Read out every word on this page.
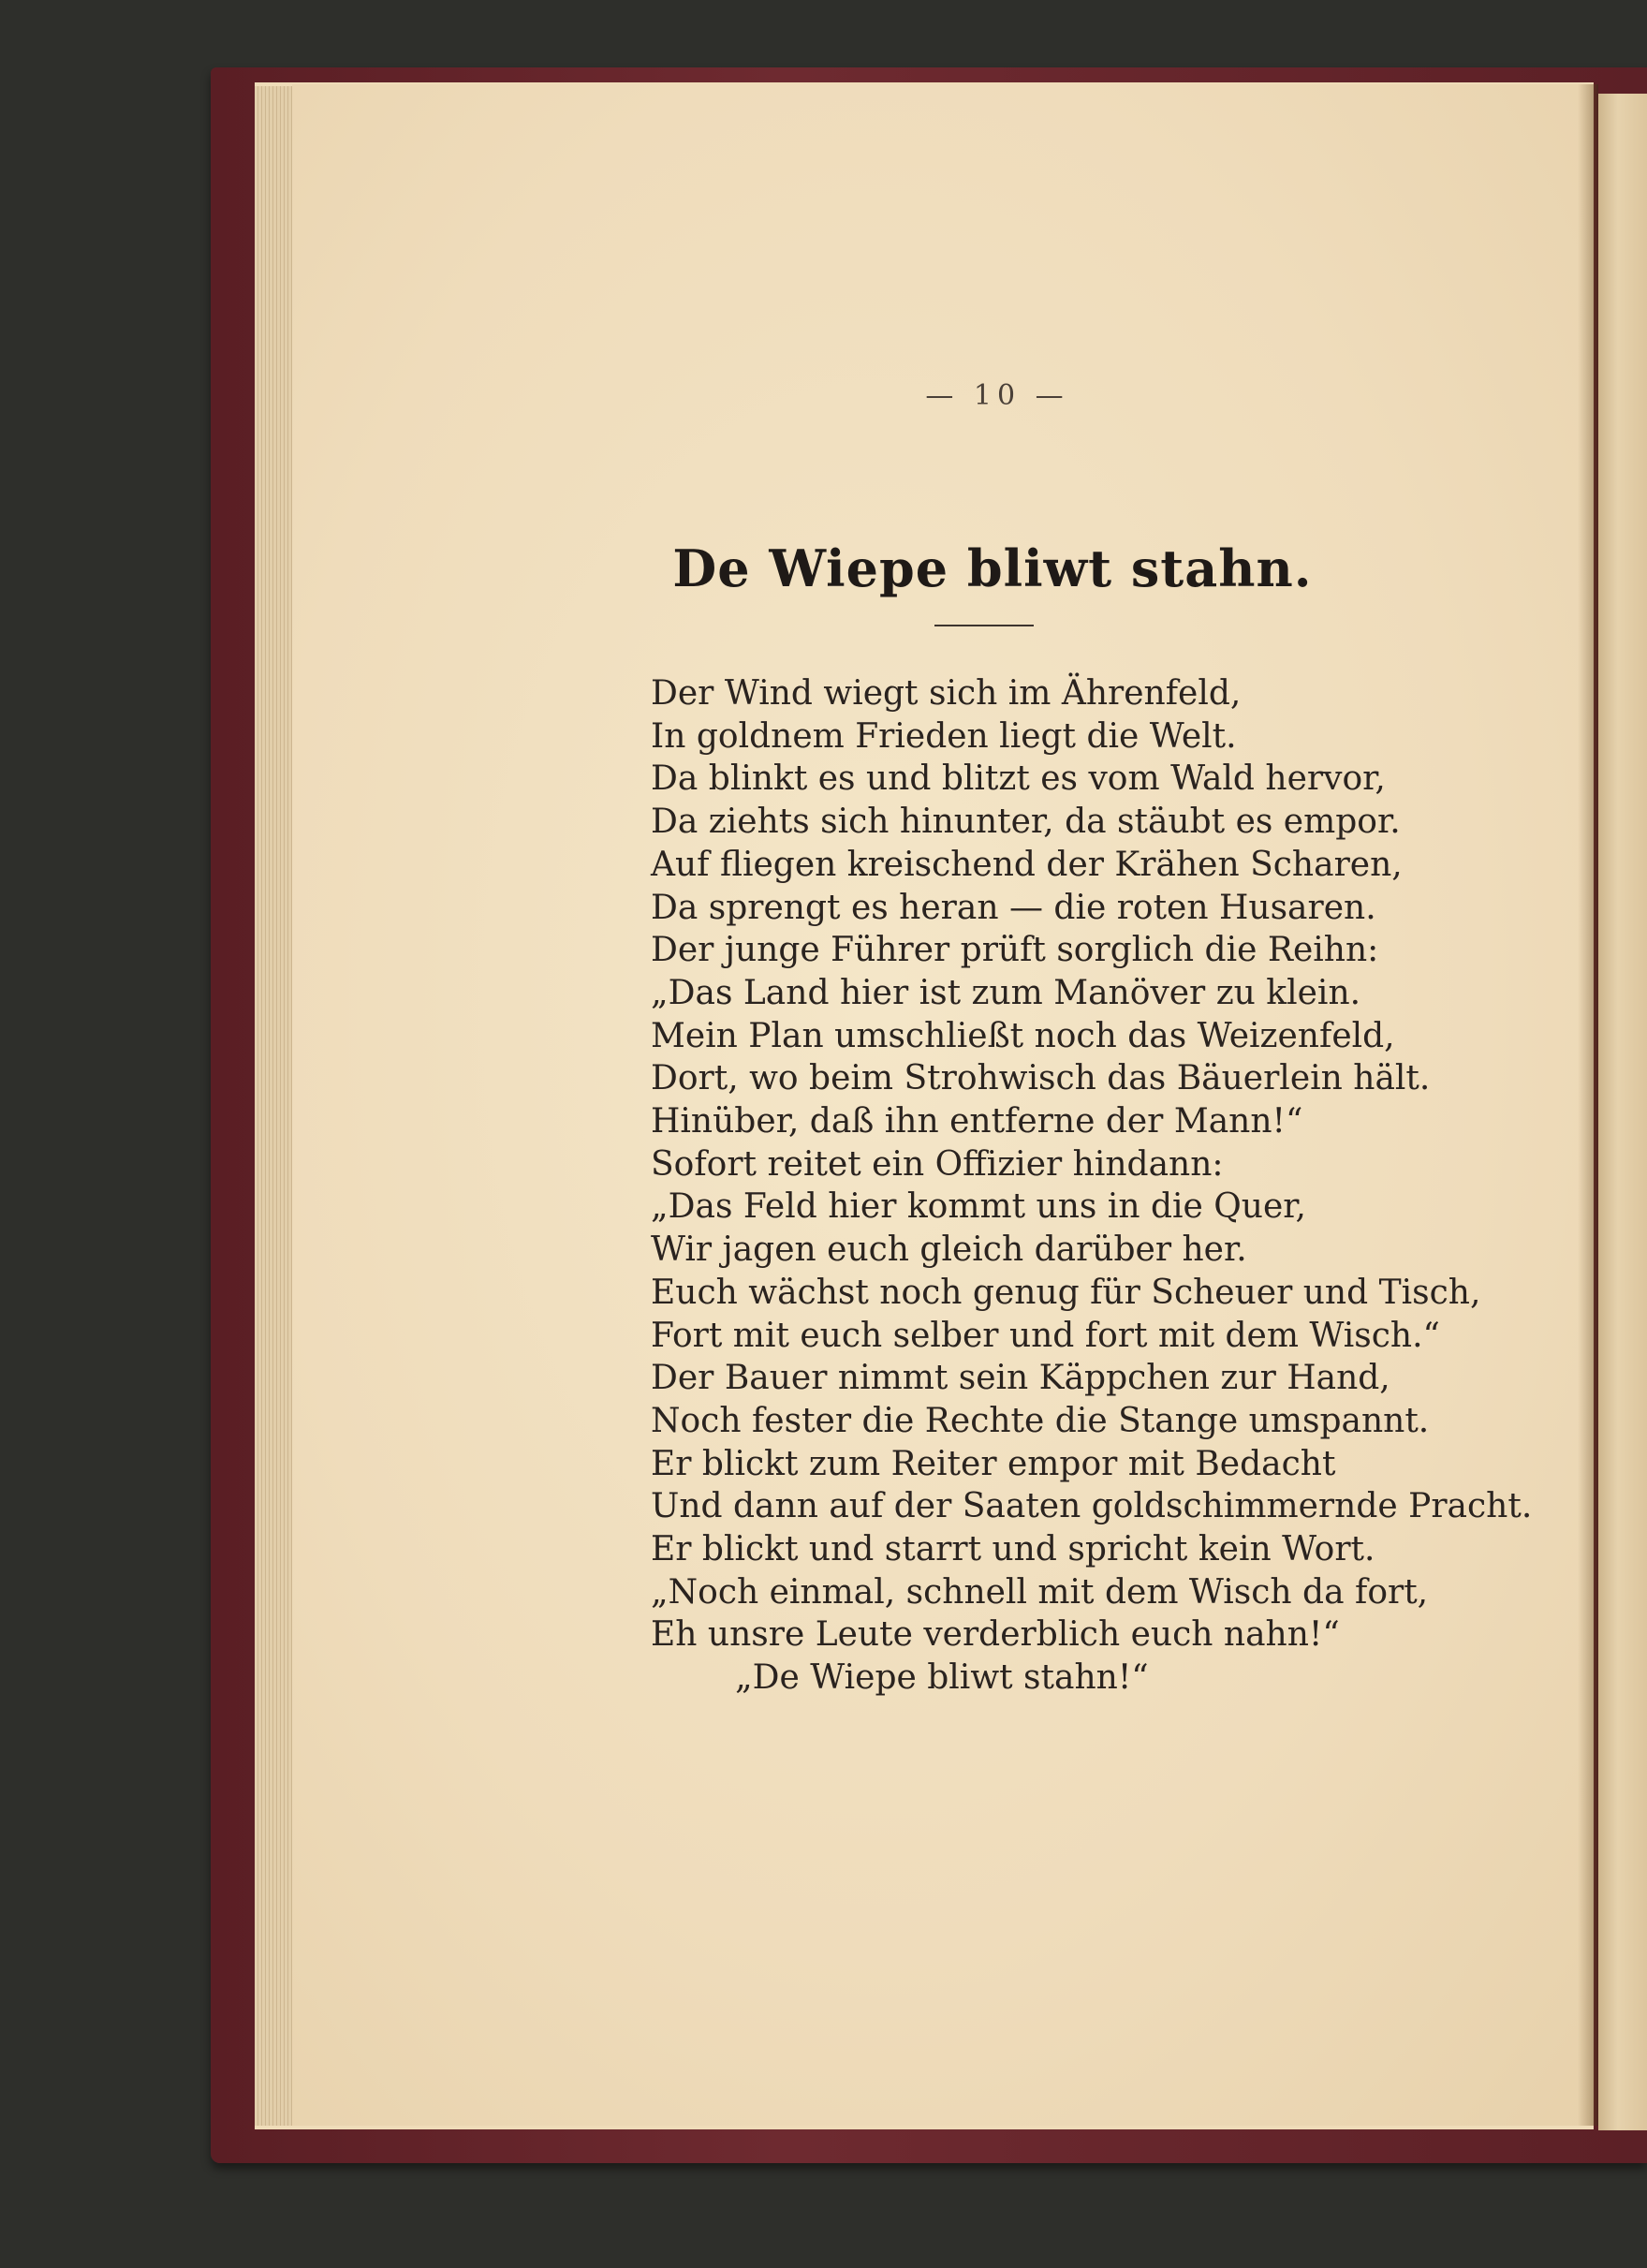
— 10 —
De Wiepe bliwt stahn.
Der Wind wiegt sich im Ährenfeld,
In goldnem Frieden liegt die Welt.
Da blinkt es und blitzt es vom Wald hervor,
Da ziehts sich hinunter, da stäubt es empor.
Auf fliegen kreischend der Krähen Scharen,
Da sprengt es heran — die roten Husaren.
Der junge Führer prüft sorglich die Reihn:
„Das Land hier ist zum Manöver zu klein.
Mein Plan umschließt noch das Weizenfeld,
Dort, wo beim Strohwisch das Bäuerlein hält.
Hinüber, daß ihn entferne der Mann!“
Sofort reitet ein Offizier hindann:
„Das Feld hier kommt uns in die Quer,
Wir jagen euch gleich darüber her.
Euch wächst noch genug für Scheuer und Tisch,
Fort mit euch selber und fort mit dem Wisch.“
Der Bauer nimmt sein Käppchen zur Hand,
Noch fester die Rechte die Stange umspannt.
Er blickt zum Reiter empor mit Bedacht
Und dann auf der Saaten goldschimmernde Pracht.
Er blickt und starrt und spricht kein Wort.
„Noch einmal, schnell mit dem Wisch da fort,
Eh unsre Leute verderblich euch nahn!“
„De Wiepe bliwt stahn!“
